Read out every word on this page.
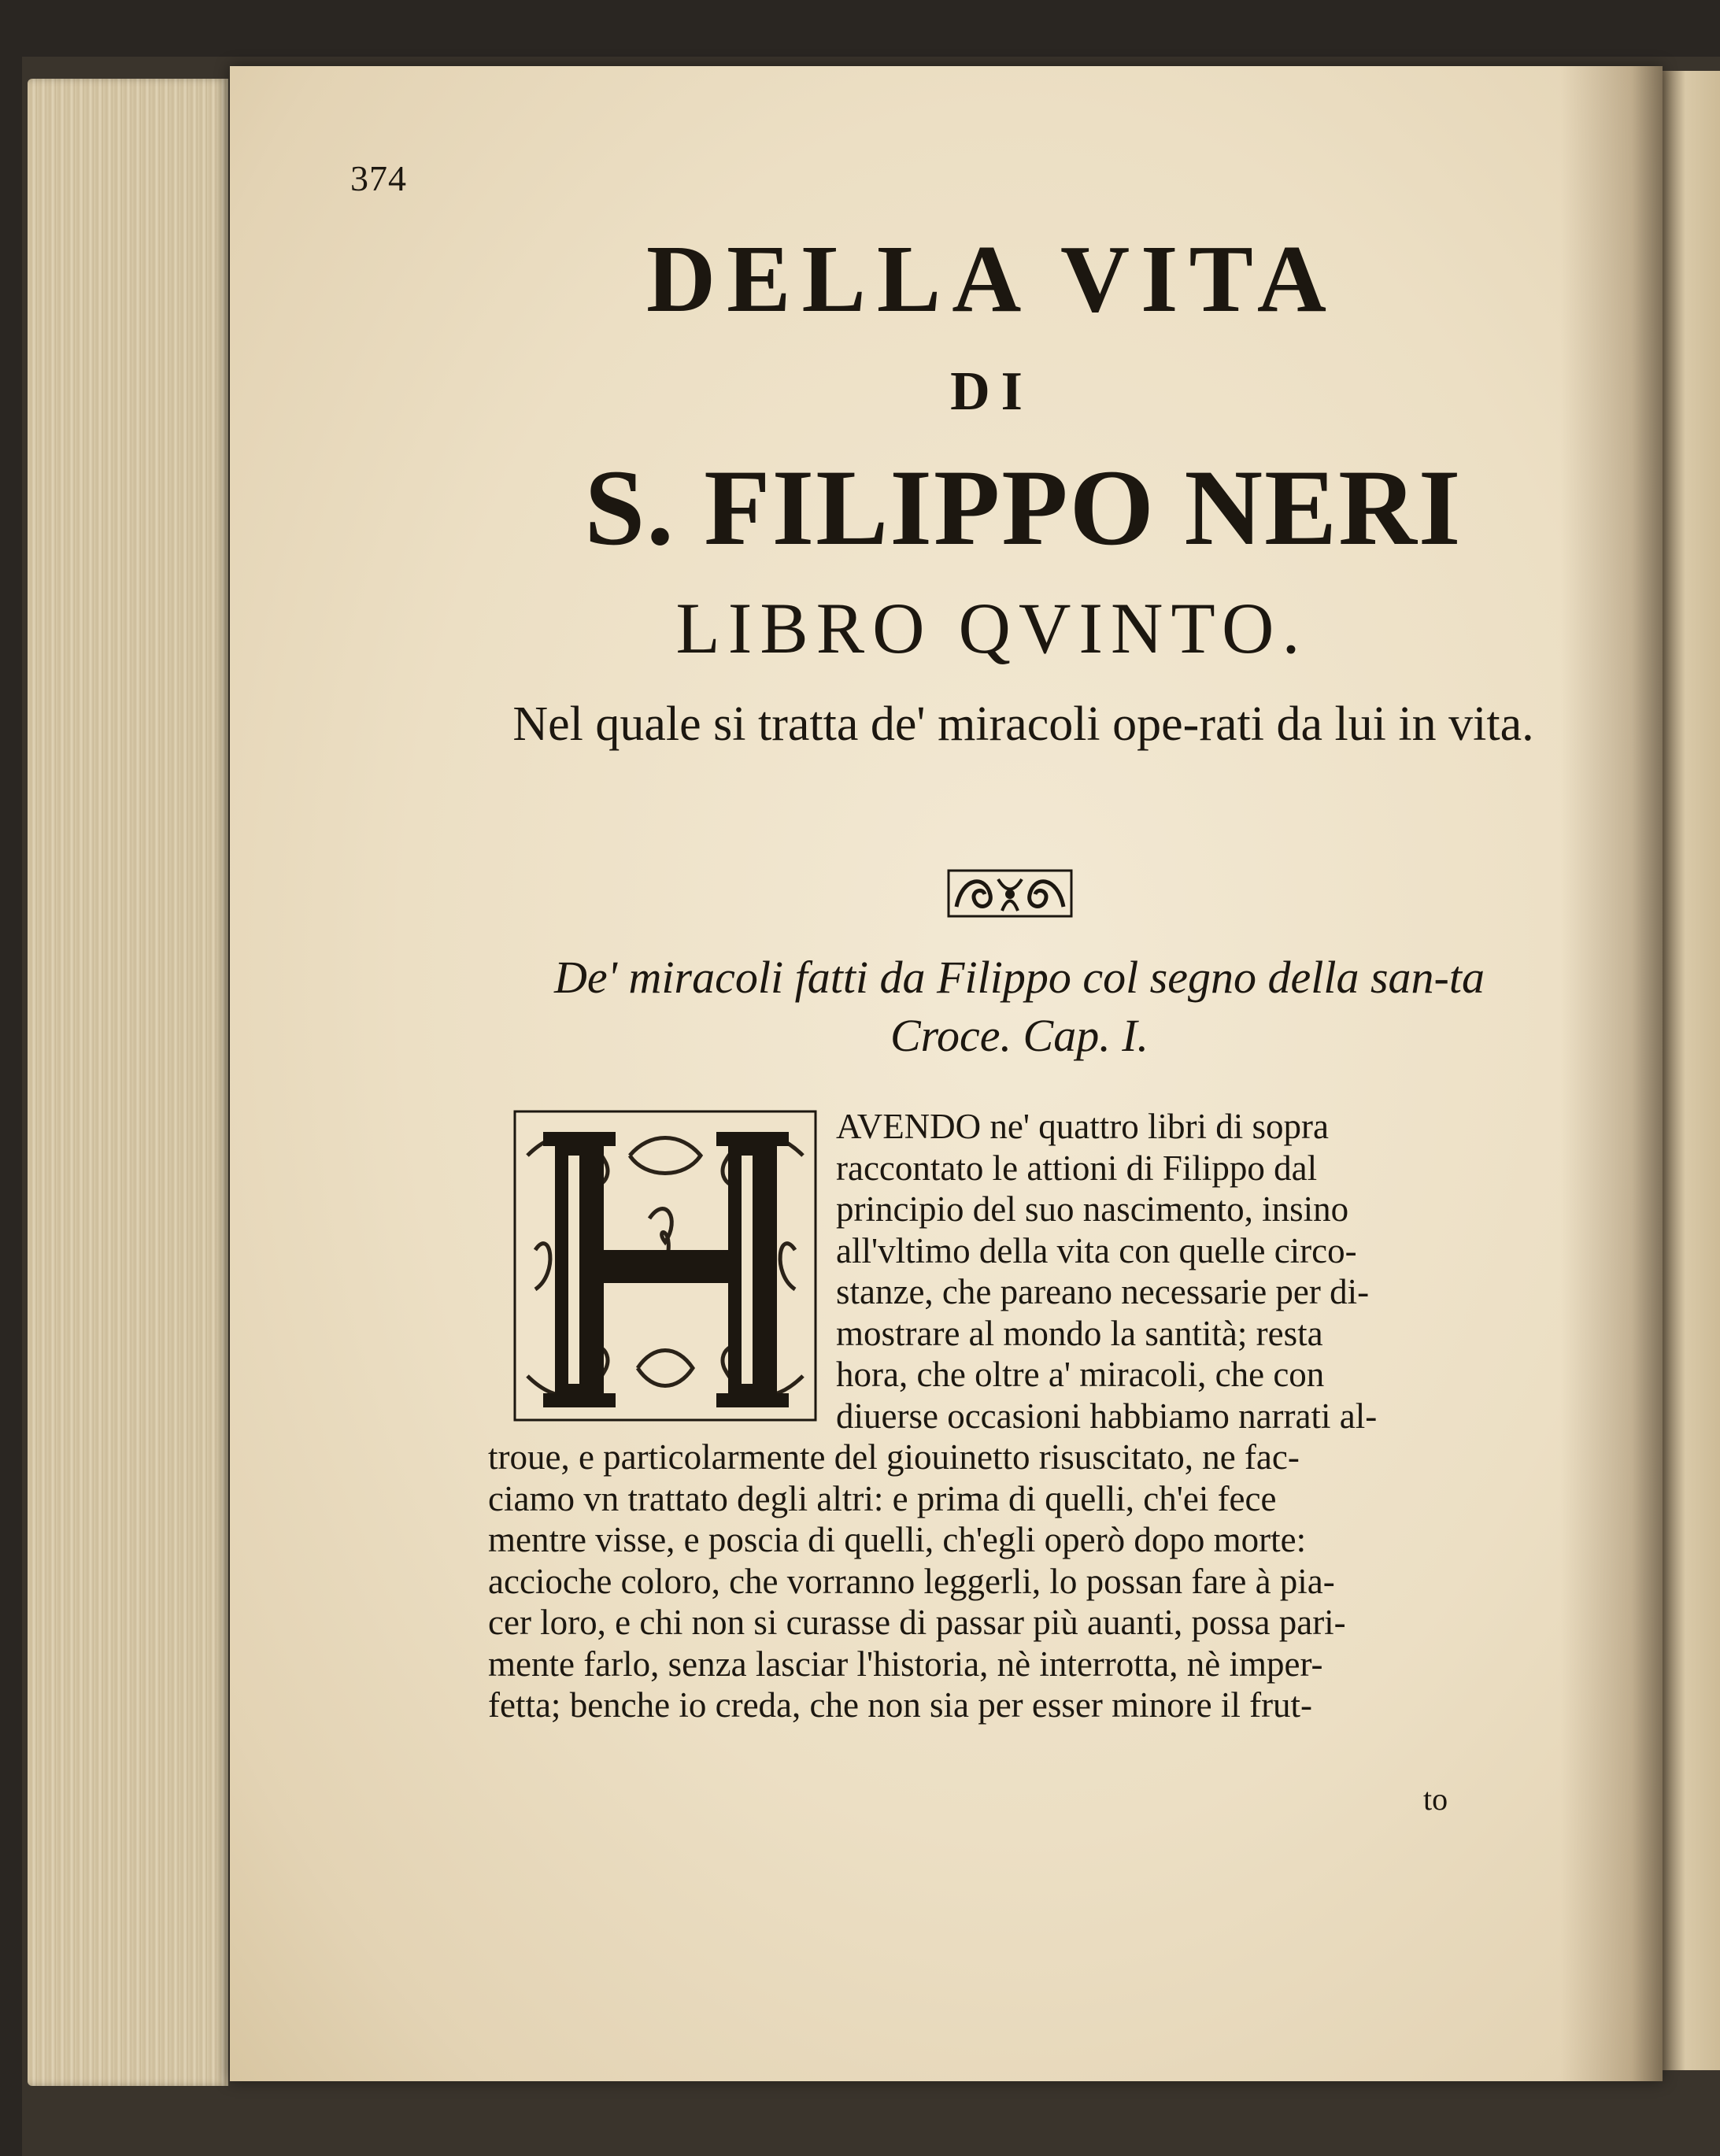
374
DELLA VITA
DI
S. FILIPPO NERI
LIBRO QVINTO.
Nel quale si tratta de' miracoli ope-rati da lui in vita.
De' miracoli fatti da Filippo col segno della san-ta Croce. Cap. I.
AVENDO ne' quattro libri di sopra
raccontato le attioni di Filippo dal
principio del suo nascimento, insino
all'vltimo della vita con quelle circo-
stanze, che pareano necessarie per di-
mostrare al mondo la santità; resta
hora, che oltre a' miracoli, che con
diuerse occasioni habbiamo narrati al-
troue, e particolarmente del giouinetto risuscitato, ne fac-
ciamo vn trattato degli altri: e prima di quelli, ch'ei fece
mentre visse, e poscia di quelli, ch'egli operò dopo morte:
accioche coloro, che vorranno leggerli, lo possan fare à pia-
cer loro, e chi non si curasse di passar più auanti, possa pari-
mente farlo, senza lasciar l'historia, nè interrotta, nè imper-
fetta; benche io creda, che non sia per esser minore il frut-
to
